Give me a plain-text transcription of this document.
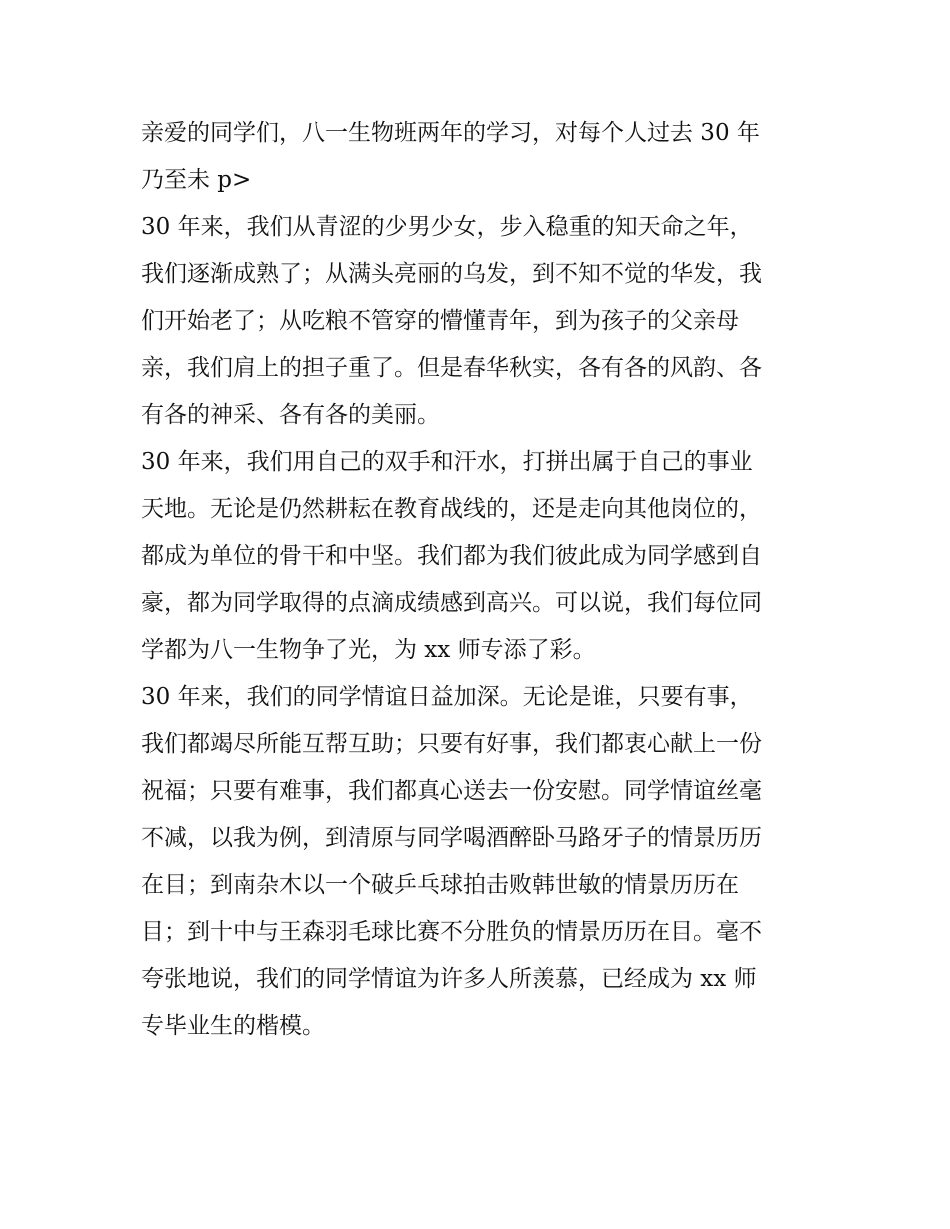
亲爱的同学们，八一生物班两年的学习，对每个人过去 30 年
乃至未 p>
30 年来，我们从青涩的少男少女，步入稳重的知天命之年，
我们逐渐成熟了；从满头亮丽的乌发，到不知不觉的华发，我
们开始老了；从吃粮不管穿的懵懂青年，到为孩子的父亲母
亲，我们肩上的担子重了。但是春华秋实，各有各的风韵、各
有各的神采、各有各的美丽。
30 年来，我们用自己的双手和汗水，打拼出属于自己的事业
天地。无论是仍然耕耘在教育战线的，还是走向其他岗位的，
都成为单位的骨干和中坚。我们都为我们彼此成为同学感到自
豪，都为同学取得的点滴成绩感到高兴。可以说，我们每位同
学都为八一生物争了光，为 xx 师专添了彩。
30 年来，我们的同学情谊日益加深。无论是谁，只要有事，
我们都竭尽所能互帮互助；只要有好事，我们都衷心献上一份
祝福；只要有难事，我们都真心送去一份安慰。同学情谊丝毫
不减，以我为例，到清原与同学喝酒醉卧马路牙子的情景历历
在目；到南杂木以一个破乒乓球拍击败韩世敏的情景历历在
目；到十中与王森羽毛球比赛不分胜负的情景历历在目。毫不
夸张地说，我们的同学情谊为许多人所羡慕，已经成为 xx 师
专毕业生的楷模。
